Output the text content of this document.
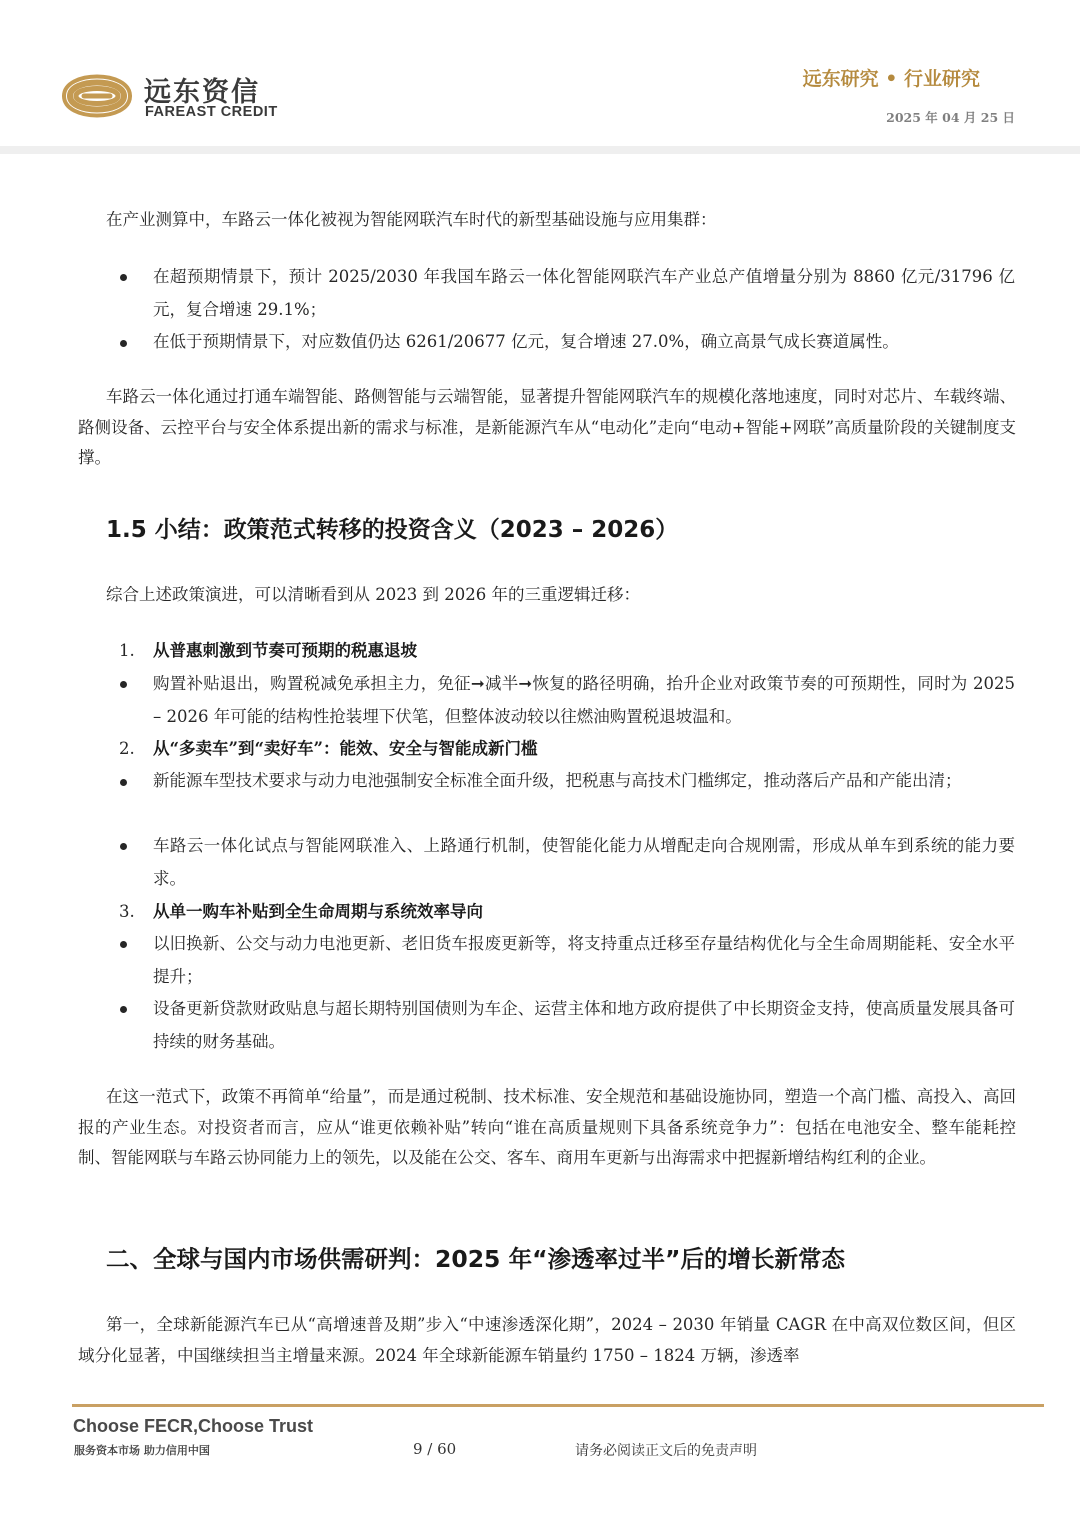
远东资信
FAREAST CREDIT
远东研究 • 行业研究
2025 年 04 月 25 日
在产业测算中，车路云一体化被视为智能网联汽车时代的新型基础设施与应用集群：
在超预期情景下，预计 2025/2030 年我国车路云一体化智能网联汽车产业总产值增量分别为 8860 亿元/31796 亿元，复合增速 29.1%；
在低于预期情景下，对应数值仍达 6261/20677 亿元，复合增速 27.0%，确立高景气成长赛道属性。
车路云一体化通过打通车端智能、路侧智能与云端智能，显著提升智能网联汽车的规模化落地速度，同时对芯片、车载终端、路侧设备、云控平台与安全体系提出新的需求与标准，是新能源汽车从“电动化”走向“电动+智能+网联”高质量阶段的关键制度支撑。
1.5 小结：政策范式转移的投资含义（2023 – 2026）
综合上述政策演进，可以清晰看到从 2023 到 2026 年的三重逻辑迁移：
1. 从普惠刺激到节奏可预期的税惠退坡
购置补贴退出，购置税减免承担主力，免征➞减半➞恢复的路径明确，抬升企业对政策节奏的可预期性，同时为 2025 – 2026 年可能的结构性抢装埋下伏笔，但整体波动较以往燃油购置税退坡温和。
2. 从“多卖车”到“卖好车”：能效、安全与智能成新门槛
新能源车型技术要求与动力电池强制安全标准全面升级，把税惠与高技术门槛绑定，推动落后产品和产能出清；
车路云一体化试点与智能网联准入、上路通行机制，使智能化能力从增配走向合规刚需，形成从单车到系统的能力要求。
3. 从单一购车补贴到全生命周期与系统效率导向
以旧换新、公交与动力电池更新、老旧货车报废更新等，将支持重点迁移至存量结构优化与全生命周期能耗、安全水平提升；
设备更新贷款财政贴息与超长期特别国债则为车企、运营主体和地方政府提供了中长期资金支持，使高质量发展具备可持续的财务基础。
在这一范式下，政策不再简单“给量”，而是通过税制、技术标准、安全规范和基础设施协同，塑造一个高门槛、高投入、高回报的产业生态。对投资者而言，应从“谁更依赖补贴”转向“谁在高质量规则下具备系统竞争力”：包括在电池安全、整车能耗控制、智能网联与车路云协同能力上的领先，以及能在公交、客车、商用车更新与出海需求中把握新增结构红利的企业。
二、全球与国内市场供需研判：2025 年“渗透率过半”后的增长新常态
第一，全球新能源汽车已从“高增速普及期”步入“中速渗透深化期”，2024 – 2030 年销量 CAGR 在中高双位数区间，但区域分化显著，中国继续担当主增量来源。2024 年全球新能源车销量约 1750 – 1824 万辆，渗透率
Choose FECR,Choose Trust
服务资本市场 助力信用中国	9 / 60	请务必阅读正文后的免责声明
